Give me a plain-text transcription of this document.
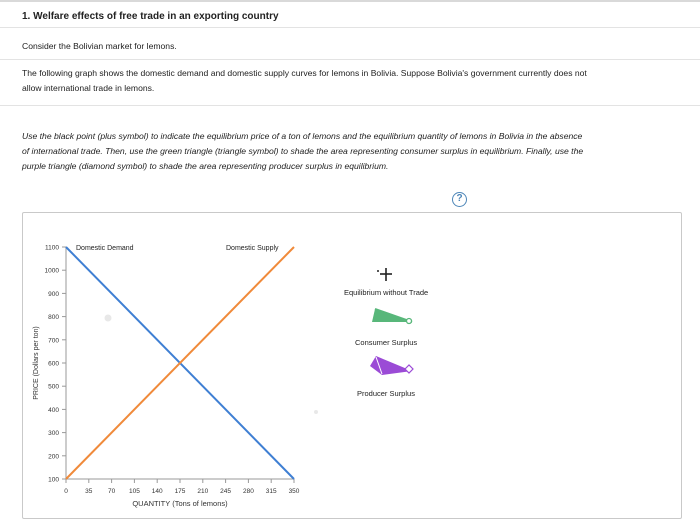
1. Welfare effects of free trade in an exporting country
Consider the Bolivian market for lemons.
The following graph shows the domestic demand and domestic supply curves for lemons in Bolivia. Suppose Bolivia's government currently does not
allow international trade in lemons.
Use the black point (plus symbol) to indicate the equilibrium price of a ton of lemons and the equilibrium quantity of lemons in Bolivia in the absence
of international trade. Then, use the green triangle (triangle symbol) to shade the area representing consumer surplus in equilibrium. Finally, use the
purple triangle (diamond symbol) to shade the area representing producer surplus in equilibrium.
?
100
200
300
400
500
600
700
800
900
1000
1100
0	35 70 105 140 175 210 245 280 315 350
QUANTITY (Tons of lemons)
PRICE (Dollars per ton)
Domestic Demand	Domestic Supply
Equilibrium without Trade
Consumer Surplus
Producer Surplus
